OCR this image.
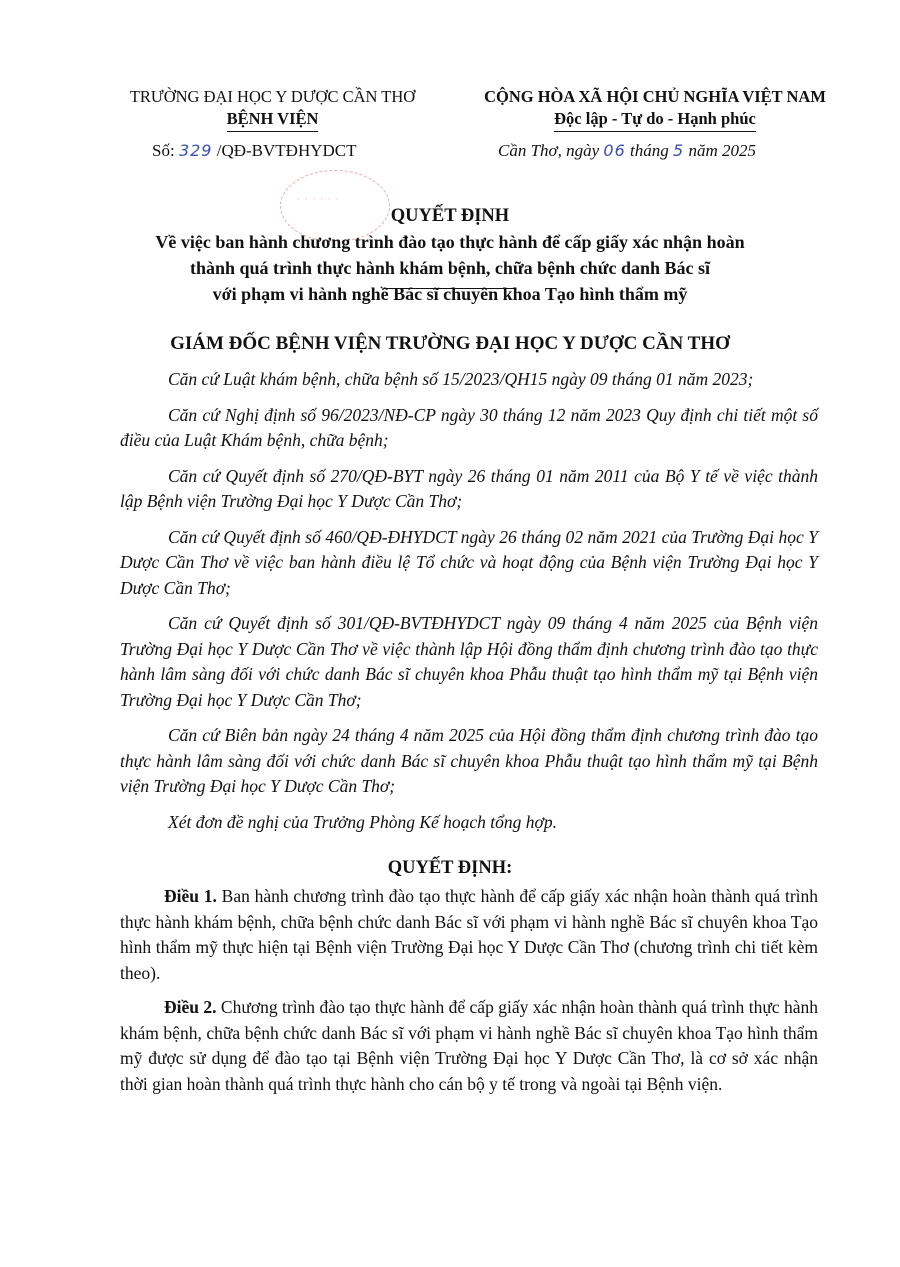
TRƯỜNG ĐẠI HỌC Y DƯỢC CẦN THƠ
BỆNH VIỆN
CỘNG HÒA XÃ HỘI CHỦ NGHĨA VIỆT NAM
Độc lập - Tự do - Hạnh phúc
Số: 329 /QĐ-BVTĐHYDCT	Cần Thơ, ngày 06 tháng 5 năm 2025
· · · · · ·
QUYẾT ĐỊNH
Về việc ban hành chương trình đào tạo thực hành để cấp giấy xác nhận hoàn
thành quá trình thực hành khám bệnh, chữa bệnh chức danh Bác sĩ
với phạm vi hành nghề Bác sĩ chuyên khoa Tạo hình thẩm mỹ
GIÁM ĐỐC BỆNH VIỆN TRƯỜNG ĐẠI HỌC Y DƯỢC CẦN THƠ

Căn cứ Luật khám bệnh, chữa bệnh số 15/2023/QH15 ngày 09 tháng 01 năm 2023;

Căn cứ Nghị định số 96/2023/NĐ-CP ngày 30 tháng 12 năm 2023 Quy định chi tiết một số điều của Luật Khám bệnh, chữa bệnh;

Căn cứ Quyết định số 270/QĐ-BYT ngày 26 tháng 01 năm 2011 của Bộ Y tế về việc thành lập Bệnh viện Trường Đại học Y Dược Cần Thơ;

Căn cứ Quyết định số 460/QĐ-ĐHYDCT ngày 26 tháng 02 năm 2021 của Trường Đại học Y Dược Cần Thơ về việc ban hành điều lệ Tổ chức và hoạt động của Bệnh viện Trường Đại học Y Dược Cần Thơ;

Căn cứ Quyết định số 301/QĐ-BVTĐHYDCT ngày 09 tháng 4 năm 2025 của Bệnh viện Trường Đại học Y Dược Cần Thơ về việc thành lập Hội đồng thẩm định chương trình đào tạo thực hành lâm sàng đối với chức danh Bác sĩ chuyên khoa Phẫu thuật tạo hình thẩm mỹ tại Bệnh viện Trường Đại học Y Dược Cần Thơ;

Căn cứ Biên bản ngày 24 tháng 4 năm 2025 của Hội đồng thẩm định chương trình đào tạo thực hành lâm sàng đối với chức danh Bác sĩ chuyên khoa Phẫu thuật tạo hình thẩm mỹ tại Bệnh viện Trường Đại học Y Dược Cần Thơ;

Xét đơn đề nghị của Trưởng Phòng Kế hoạch tổng hợp.

QUYẾT ĐỊNH:

Điều 1. Ban hành chương trình đào tạo thực hành để cấp giấy xác nhận hoàn thành quá trình thực hành khám bệnh, chữa bệnh chức danh Bác sĩ với phạm vi hành nghề Bác sĩ chuyên khoa Tạo hình thẩm mỹ thực hiện tại Bệnh viện Trường Đại học Y Dược Cần Thơ (chương trình chi tiết kèm theo).

Điều 2. Chương trình đào tạo thực hành để cấp giấy xác nhận hoàn thành quá trình thực hành khám bệnh, chữa bệnh chức danh Bác sĩ với phạm vi hành nghề Bác sĩ chuyên khoa Tạo hình thẩm mỹ được sử dụng để đào tạo tại Bệnh viện Trường Đại học Y Dược Cần Thơ, là cơ sở xác nhận thời gian hoàn thành quá trình thực hành cho cán bộ y tế trong và ngoài tại Bệnh viện.
